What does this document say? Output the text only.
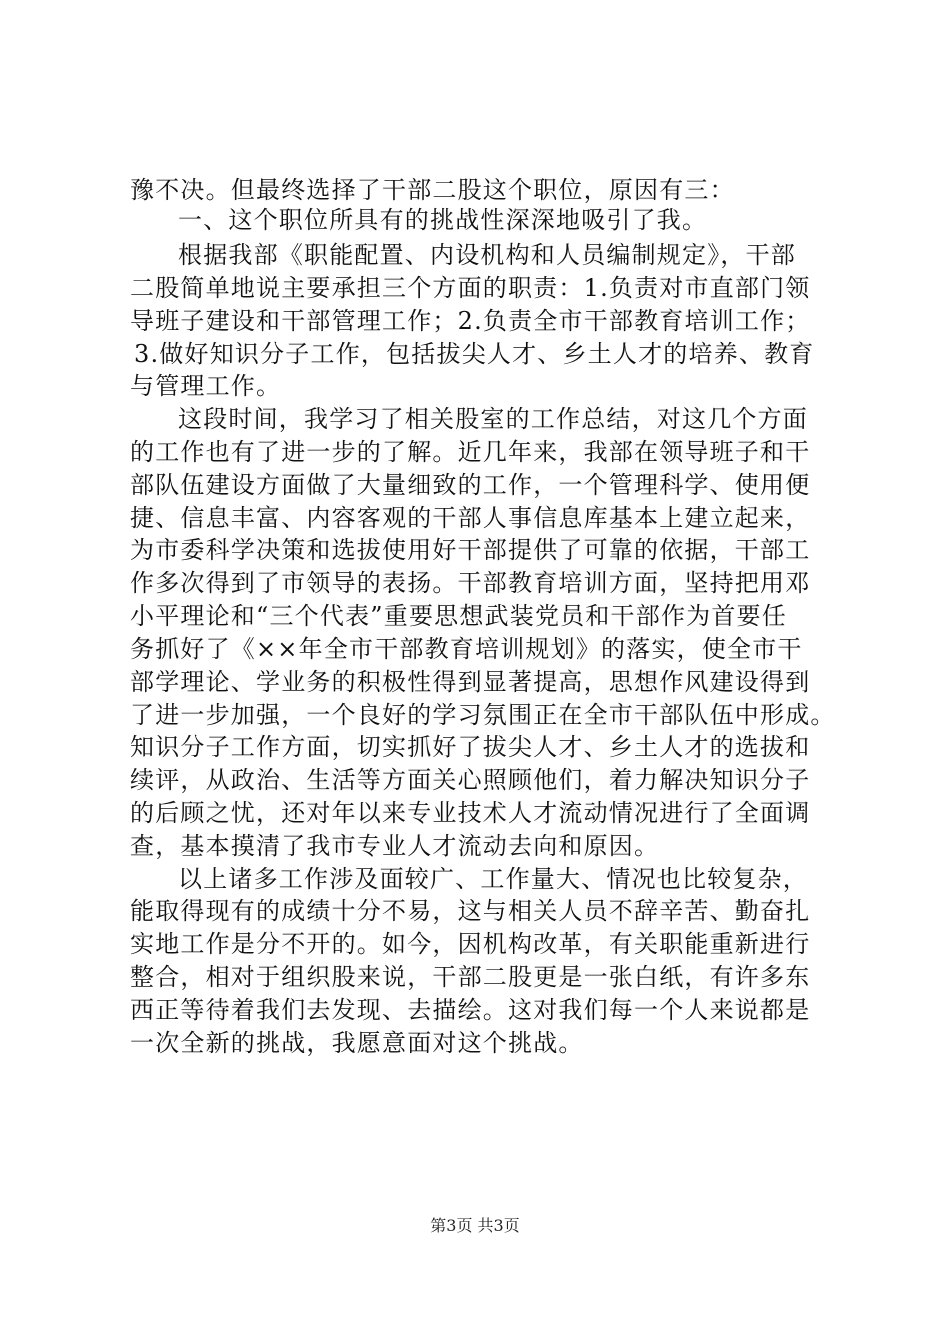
豫不决。但最终选择了干部二股这个职位，原因有三：
一、这个职位所具有的挑战性深深地吸引了我。
根据我部《职能配置、内设机构和人员编制规定》，干部
二股简单地说主要承担三个方面的职责：1.负责对市直部门领
导班子建设和干部管理工作；2.负责全市干部教育培训工作；
3.做好知识分子工作，包括拔尖人才、乡土人才的培养、教育
与管理工作。
这段时间，我学习了相关股室的工作总结，对这几个方面
的工作也有了进一步的了解。近几年来，我部在领导班子和干
部队伍建设方面做了大量细致的工作，一个管理科学、使用便
捷、信息丰富、内容客观的干部人事信息库基本上建立起来，
为市委科学决策和选拔使用好干部提供了可靠的依据，干部工
作多次得到了市领导的表扬。干部教育培训方面，坚持把用邓
小平理论和“三个代表”重要思想武装党员和干部作为首要任
务抓好了《××年全市干部教育培训规划》的落实，使全市干
部学理论、学业务的积极性得到显著提高，思想作风建设得到
了进一步加强，一个良好的学习氛围正在全市干部队伍中形成。
知识分子工作方面，切实抓好了拔尖人才、乡土人才的选拔和
续评，从政治、生活等方面关心照顾他们，着力解决知识分子
的后顾之忧，还对年以来专业技术人才流动情况进行了全面调
查，基本摸清了我市专业人才流动去向和原因。
以上诸多工作涉及面较广、工作量大、情况也比较复杂，
能取得现有的成绩十分不易，这与相关人员不辞辛苦、勤奋扎
实地工作是分不开的。如今，因机构改革，有关职能重新进行
整合，相对于组织股来说，干部二股更是一张白纸，有许多东
西正等待着我们去发现、去描绘。这对我们每一个人来说都是
一次全新的挑战，我愿意面对这个挑战。
第3页 共3页
